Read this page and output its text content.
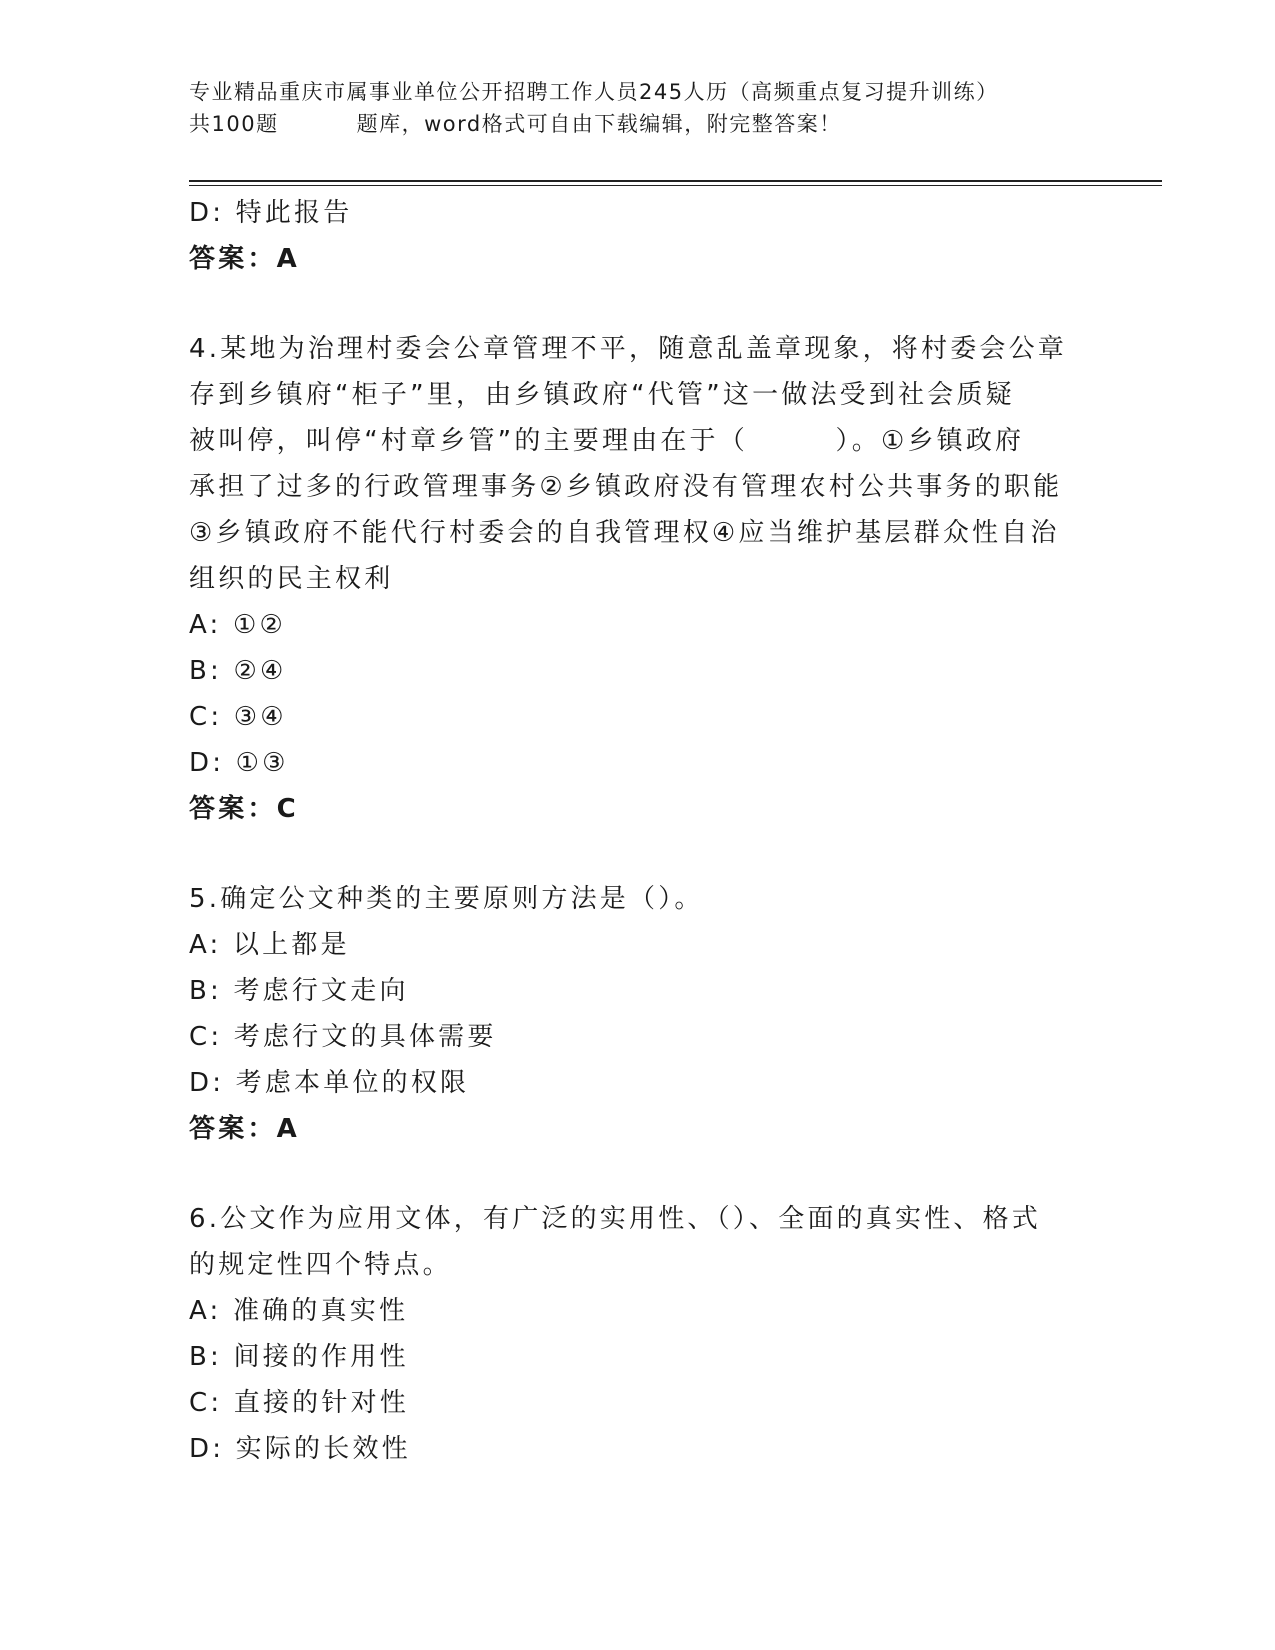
专业精品重庆市属事业单位公开招聘工作人员245人历（高频重点复习提升训练）
共100题	题库，word格式可自由下载编辑，附完整答案！
D: 特此报告
答案：A
4.某地为治理村委会公章管理不平，随意乱盖章现象，将村委会公章
存到乡镇府“柜子”里，由乡镇政府“代管”这一做法受到社会质疑
被叫停，叫停“村章乡管”的主要理由在于（　　　）。①乡镇政府
承担了过多的行政管理事务②乡镇政府没有管理农村公共事务的职能
③乡镇政府不能代行村委会的自我管理权④应当维护基层群众性自治
组织的民主权利
A: ①②
B: ②④
C: ③④
D: ①③
答案：C
5.确定公文种类的主要原则方法是（）。
A: 以上都是
B: 考虑行文走向
C: 考虑行文的具体需要
D: 考虑本单位的权限
答案：A
6.公文作为应用文体，有广泛的实用性、（）、全面的真实性、格式
的规定性四个特点。
A: 准确的真实性
B: 间接的作用性
C: 直接的针对性
D: 实际的长效性
